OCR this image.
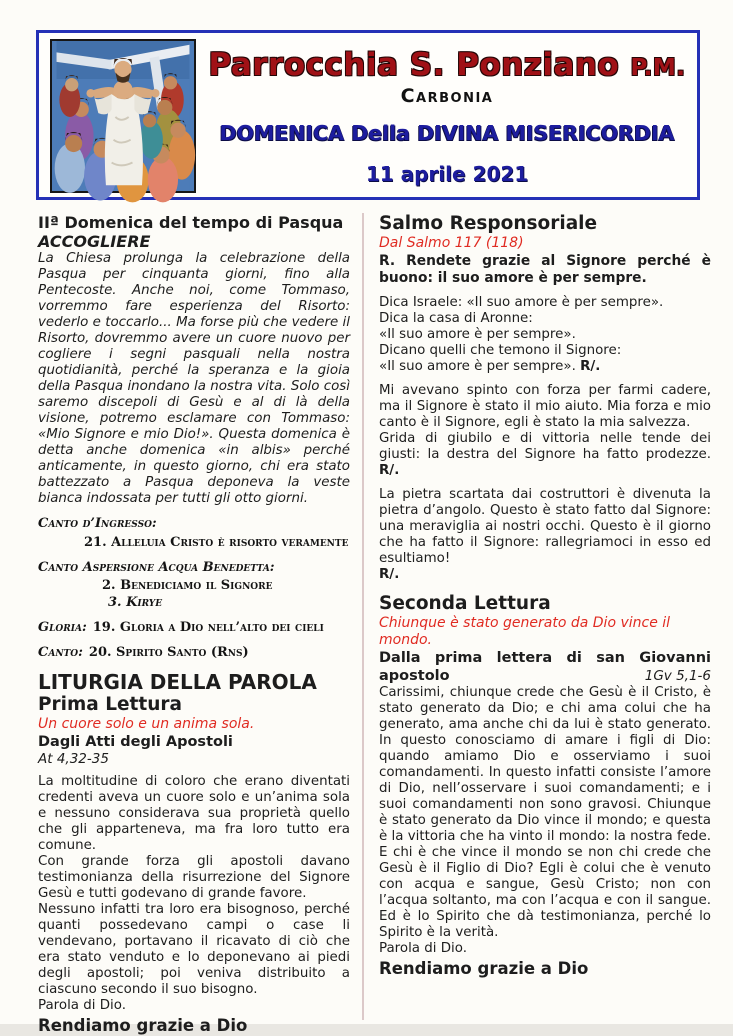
Parrocchia S. Ponziano P.M.
Carbonia
DOMENICA Della DIVINA MISERICORDIA
11 aprile 2021
IIª Domenica del tempo di Pasqua
ACCOGLIERE

La Chiesa prolunga la celebrazione della Pasqua per cinquanta giorni, fino alla Pentecoste. Anche noi, come Tommaso, vorremmo fare esperienza del Risorto: vederlo e toccarlo... Ma forse più che vedere il Risorto, dovremmo avere un cuore nuovo per cogliere i segni pasquali nella nostra quotidianità, perché la speranza e la gioia della Pasqua inondano la nostra vita. Solo così saremo discepoli di Gesù e al di là della visione, potremo esclamare con Tommaso: «Mio Signore e mio Dio!». Questa domenica è detta anche domenica «in albis» perché anticamente, in questo giorno, chi era stato battezzato a Pasqua deponeva la veste bianca indossata per tutti gli otto giorni.

Canto d’Ingresso:
21. Alleluia Cristo è risorto veramente
Canto Aspersione Acqua Benedetta:
2. Benediciamo il Signore
3. Kirye
Gloria: 19. Gloria a Dio nell’alto dei cieli
Canto: 20. Spirito Santo (Rns)
LITURGIA DELLA PAROLA
Prima Lettura
Un cuore solo e un anima sola.
Dagli Atti degli Apostoli
At 4,32-35

La moltitudine di coloro che erano diventati credenti aveva un cuore solo e un’anima sola e nessuno considerava sua proprietà quello che gli apparteneva, ma fra loro tutto era comune.

Con grande forza gli apostoli davano testimonianza della risurrezione del Signore Gesù e tutti godevano di grande favore.

Nessuno infatti tra loro era bisognoso, perché quanti possedevano campi o case li vendevano, portavano il ricavato di ciò che era stato venduto e lo deponevano ai piedi degli apostoli; poi veniva distribuito a ciascuno secondo il suo bisogno.

Parola di Dio.
Rendiamo grazie a Dio
Salmo Responsoriale
Dal Salmo 117 (118)
R. Rendete grazie al Signore perché è buono: il suo amore è per sempre.
Dica Israele: «Il suo amore è per sempre».
Dica la casa di Aronne:
«Il suo amore è per sempre».
Dicano quelli che temono il Signore:
«Il suo amore è per sempre». R/.
Mi avevano spinto con forza per farmi cadere, ma il Signore è stato il mio aiuto. Mia forza e mio canto è il Signore, egli è stato la mia salvezza.
Grida di giubilo e di vittoria nelle tende dei giusti: la destra del Signore ha fatto prodezze. R/.
La pietra scartata dai costruttori è divenuta la pietra d’angolo. Questo è stato fatto dal Signore: una meraviglia ai nostri occhi. Questo è il giorno che ha fatto il Signore: rallegriamoci in esso ed esultiamo!
R/.
Seconda Lettura
Chiunque è stato generato da Dio vince il mondo.
Dalla prima lettera di san Giovanni
apostolo	1Gv 5,1-6

Carissimi, chiunque crede che Gesù è il Cristo, è stato generato da Dio; e chi ama colui che ha generato, ama anche chi da lui è stato generato. In questo conosciamo di amare i figli di Dio: quando amiamo Dio e osserviamo i suoi comandamenti. In questo infatti consiste l’amore di Dio, nell’osservare i suoi comandamenti; e i suoi comandamenti non sono gravosi. Chiunque è stato generato da Dio vince il mondo; e questa è la vittoria che ha vinto il mondo: la nostra fede. E chi è che vince il mondo se non chi crede che Gesù è il Figlio di Dio? Egli è colui che è venuto con acqua e sangue, Gesù Cristo; non con l’acqua soltanto, ma con l’acqua e con il sangue. Ed è lo Spirito che dà testimonianza, perché lo Spirito è la verità.

Parola di Dio.
Rendiamo grazie a Dio
